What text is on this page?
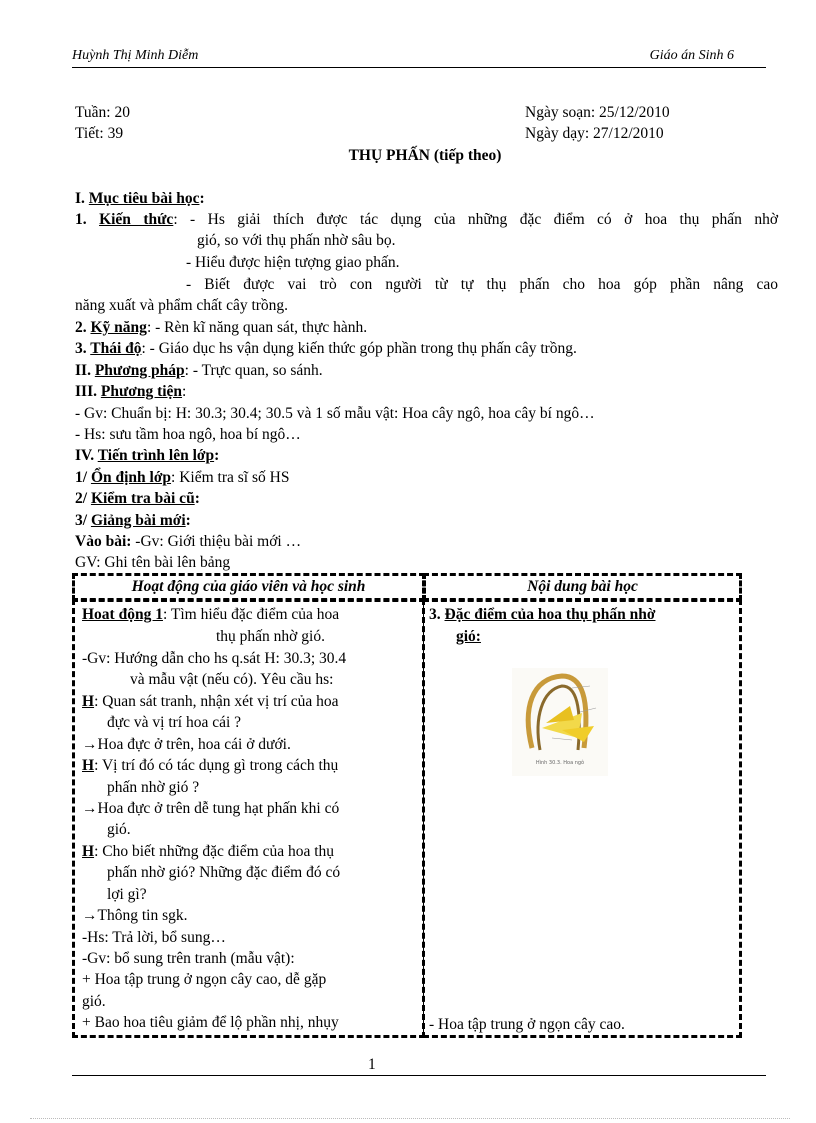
Huỳnh Thị Minh Diễm	Giáo án Sinh 6
Tuần: 20	Ngày soạn: 25/12/2010
Tiết: 39	Ngày dạy: 27/12/2010
THỤ PHẤN (tiếp theo)
I. Mục tiêu bài học:
1. Kiến thức: - Hs giải thích được tác dụng của những đặc điểm có ở hoa thụ phấn nhờ
gió, so với thụ phấn nhờ sâu bọ.
- Hiểu được hiện tượng giao phấn.
- Biết được vai trò con người từ tự thụ phấn cho hoa góp phần nâng cao
năng xuất và phẩm chất cây trồng.
2. Kỹ năng: - Rèn kĩ năng quan sát, thực hành.
3. Thái độ: - Giáo dục hs vận dụng kiến thức góp phần trong thụ phấn cây trồng.
II. Phương pháp: - Trực quan, so sánh.
III. Phương tiện:
- Gv: Chuẩn bị: H: 30.3; 30.4; 30.5 và 1 số mẫu vật: Hoa cây ngô, hoa cây bí ngô…
- Hs: sưu tầm hoa ngô, hoa bí ngô…
IV. Tiến trình lên lớp:
1/ Ổn định lớp: Kiểm tra sĩ số HS
2/ Kiểm tra bài cũ:
3/ Giảng bài mới:
Vào bài: -Gv: Giới thiệu bài mới …
GV: Ghi tên bài lên bảng
Hoạt động của giáo viên và học sinh	Nội dung bài học
Hoat động 1: Tìm hiểu đặc điểm của hoa
thụ phấn nhờ gió.
-Gv: Hướng dẫn cho hs q.sát H: 30.3; 30.4
và mẫu vật (nếu có). Yêu cầu hs:
H: Quan sát tranh, nhận xét vị trí của hoa
đực và vị trí hoa cái ?
→Hoa đực ở trên, hoa cái ở dưới.
H: Vị trí đó có tác dụng gì trong cách thụ
phấn nhờ gió ?
→Hoa đực ở trên dễ tung hạt phấn khi có
gió.
H: Cho biết những đặc điểm của hoa thụ
phấn nhờ gió? Những đặc điểm đó có
lợi gì?
→Thông tin sgk.
-Hs: Trả lời, bổ sung…
-Gv: bổ sung trên tranh (mẫu vật):
+ Hoa tập trung ở ngọn cây cao, dễ gặp
gió.
+ Bao hoa tiêu giảm để lộ phần nhị, nhụy
3. Đặc điểm của hoa thụ phấn nhờ
gió:
Hình 30.3. Hoa ngô
- Hoa tập trung ở ngọn cây cao.
1
